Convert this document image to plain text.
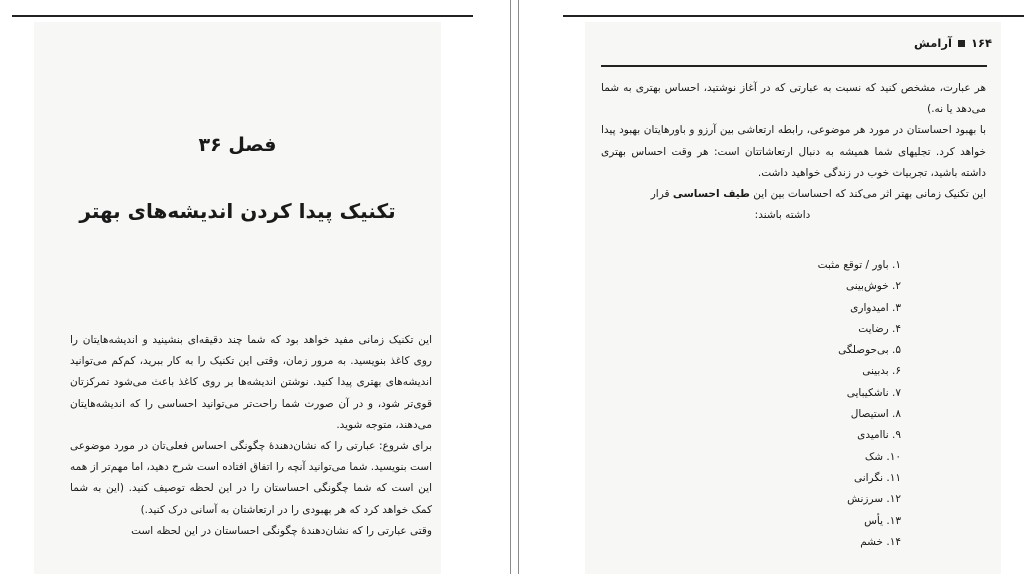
فصل ۳۶
تکنیک پیدا کردن اندیشه‌های بهتر

این تکنیک زمانی مفید خواهد بود که شما چند دقیقه‌ای بنشینید و اندیشه‌هایتان را روی کاغذ بنویسید. به مرور زمان، وقتی این تکنیک را به کار ببرید، کم‌کم می‌توانید اندیشه‌های بهتری پیدا کنید. نوشتن اندیشه‌ها بر روی کاغذ باعث می‌شود تمرکزتان قوی‌تر شود، و در آن صورت شما راحت‌تر می‌توانید احساسی را که اندیشه‌هایتان می‌دهند، متوجه شوید.

برای شروع: عبارتی را که نشان‌دهندهٔ چگونگی احساس فعلی‌تان در مورد موضوعی است بنویسید. شما می‌توانید آنچه را اتفاق افتاده است شرح دهید، اما مهم‌تر از همه این است که شما چگونگی احساستان را در این لحظه توصیف کنید. (این به شما کمک خواهد کرد که هر بهبودی را در ارتعاشتان به آسانی درک کنید.)

وقتی عبارتی را که نشان‌دهندهٔ چگونگی احساستان در این لحظه است

۱۶۴آرامش

هر عبارت، مشخص کنید که نسبت به عبارتی که در آغاز نوشتید، احساس بهتری به شما می‌دهد یا نه.)

با بهبود احساستان در مورد هر موضوعی، رابطه ارتعاشی بین آرزو و باورهایتان بهبود پیدا خواهد کرد. تجلیهای شما همیشه به دنبال ارتعاشاتتان است: هر وقت احساس بهتری داشته باشید، تجربیات خوب در زندگی خواهید داشت.

این تکنیک زمانی بهتر اثر می‌کند که احساسات بین این طیف احساسی قرار

داشته باشند:

۱. باور / توقع مثبت
۲. خوش‌بینی
۳. امیدواری
۴. رضایت
۵. بی‌حوصلگی
۶. بدبینی
۷. ناشکیبایی
۸. استیصال
۹. ناامیدی
۱۰. شک
۱۱. نگرانی
۱۲. سرزنش
۱۳. یأس
۱۴. خشم
